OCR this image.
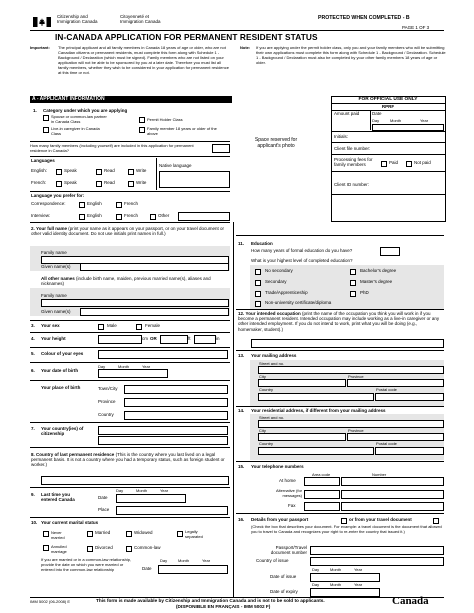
Citizenship and
Immigration Canada
Citoyenneté et
Immigration Canada
PROTECTED WHEN COMPLETED - B
PAGE 1 OF 3
IN-CANADA APPLICATION FOR PERMANENT RESIDENT STATUS
Important: The principal applicant and all family members in Canada 18 years of age or older, who are not Canadian citizens or permanent residents, must complete this form along with Schedule 1 - Background / Declaration (which must be signed). Family members who are not listed on your application will not be able to be sponsored by you at a later date. Therefore you must list all family members, whether they wish to be considered in your application for permanent residence at this time or not.
Note: If you are applying under the permit holder class, only you and your family members who will be submitting their own applications must complete this form along with Schedule 1 - Background / Declaration. Schedule 1 - Background / Declaration must also be completed by your other family members 18 years of age or older.
A - APPLICANT INFORMATION
1. Category under which you are applying
Spouse or common-law partner in Canada Class
Live-in caregiver in Canada Class
Permit Holder Class
Family member 18 years or older of the above
How many family members (including yourself) are included in this application for permanent residence in Canada?
Languages
English:	Speak	Read	Write
French:	Speak	Read	Write
Native language
Language you prefer for:
Correspondence:	English	French
Interview:	English	French	Other
Space reserved for applicant's photo
FOR OFFICIAL USE ONLY
RPRF
Amount paid	Date
Day	Month	Year
Initials:
Client file number:
Processing fees for family members	Paid	Not paid
Client ID number:
2. Your full name (print your name as it appears on your passport, or on your travel document or other valid identity document. Do not use initials print names in full.)
Family name
Given name(s)
All other names (include birth name, maiden, previous married name(s), aliases and nicknames)
Family name
Given name(s)
3. Your sex	Male	Female
4. Your height	cm OR	ft	in
5. Colour of your eyes
6. Your date of birth
Day	Month	Year
Your place of birth	Town/City
Province
Country
7. Your country(ies) of citizenship
8. Country of last permanent residence (This is the country where you last lived on a legal permanent basis. It is not a country where you had a temporary status, such as foreign student or worker.)
9. Last time you entered Canada
Day	Month	Year
Date
Place
10. Your current marital status
Never married
Married	Widowed	Legally separated
Annulled marriage
Divorced	Common-law
If you are married or in a common-law relationship, provide the date on which you were married or entered into the common-law relationship
Day	Month	Year
Date
11. Education
How many years of formal education do you have?
What is your highest level of completed education?
No secondary
Secondary
Trade/Apprenticeship
Non-university certificate/diploma
Bachelor's degree
Master's degree
PhD
12. Your intended occupation (print the name of the occupation you think you will work in if you become a permanent resident. Intended occupation may include working as a live-in caregiver or any other intended employment. If you do not intend to work, print what you will be doing (e.g., homemaker, student).)
13. Your mailing address
Street and no.
City	Province
Country	Postal code
14. Your residential address, if different from your mailing address
Street and no.
City	Province
Country	Postal code
15. Your telephone numbers
Area code	Number
At home
Alternative (for messages)
Fax
16. Details from your passport	or from your travel document
(Check the box that describes your document. For example: a travel document is the document that allowed you to travel to Canada and recognizes your right to re-enter the country that issued it.)
Passport/Travel document number
Country of issue
Day	Month	Year
Date of issue
Day	Month	Year
Date of expiry
IMM 5002 (06-2008) E	This form is made available by Citizenship and Immigration Canada and is not to be sold to applicants.
(DISPONIBLE EN FRANÇAIS - IMM 5002 F)	Canadä
